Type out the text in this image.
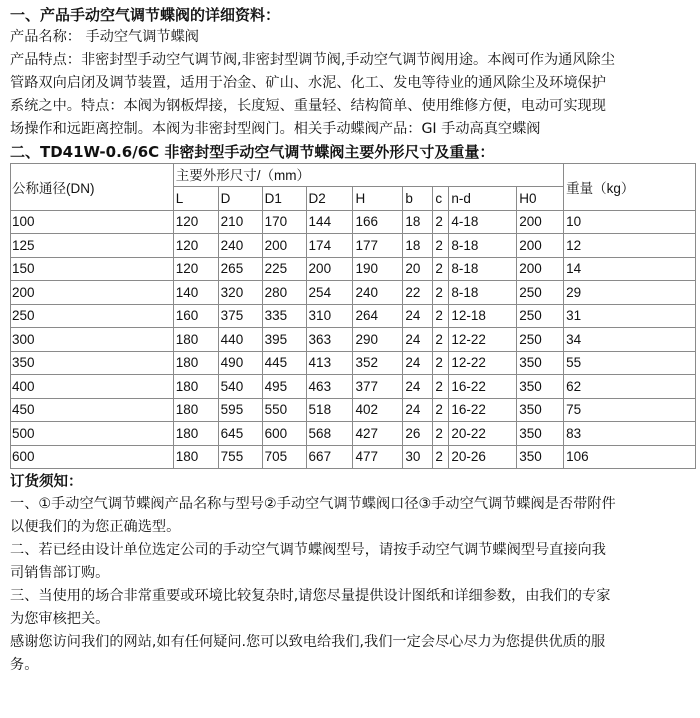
一、产品手动空气调节蝶阀的详细资料：

产品名称： 手动空气调节蝶阀

产品特点：非密封型手动空气调节阀,非密封型调节阀,手动空气调节阀用途。本阀可作为通风除尘管路双向启闭及调节装置，适用于冶金、矿山、水泥、化工、发电等待业的通风除尘及环境保护系统之中。特点：本阀为钢板焊接，长度短、重量轻、结构简单、使用维修方便，电动可实现现场操作和远距离控制。本阀为非密封型阀门。相关手动蝶阀产品：GI 手动高真空蝶阀

二、TD41W-0.6/6C 非密封型手动空气调节蝶阀主要外形尺寸及重量：

公称通径(DN)	主要外形尺寸/（mm）									重量（kg）
	L	D	D1	D2	H	b	c	n-d	H0	
100	120	210	170	144	166	18	2	4-18	200	10
125	120	240	200	174	177	18	2	8-18	200	12
150	120	265	225	200	190	20	2	8-18	200	14
200	140	320	280	254	240	22	2	8-18	250	29
250	160	375	335	310	264	24	2	12-18	250	31
300	180	440	395	363	290	24	2	12-22	250	34
350	180	490	445	413	352	24	2	12-22	350	55
400	180	540	495	463	377	24	2	16-22	350	62
450	180	595	550	518	402	24	2	16-22	350	75
500	180	645	600	568	427	26	2	20-22	350	83
600	180	755	705	667	477	30	2	20-26	350	106

订货须知：

一、①手动空气调节蝶阀产品名称与型号②手动空气调节蝶阀口径③手动空气调节蝶阀是否带附件以便我们的为您正确选型。

二、若已经由设计单位选定公司的手动空气调节蝶阀型号，请按手动空气调节蝶阀型号直接向我司销售部订购。

三、当使用的场合非常重要或环境比较复杂时,请您尽量提供设计图纸和详细参数，由我们的专家为您审核把关。

感谢您访问我们的网站,如有任何疑问.您可以致电给我们,我们一定会尽心尽力为您提供优质的服务。
